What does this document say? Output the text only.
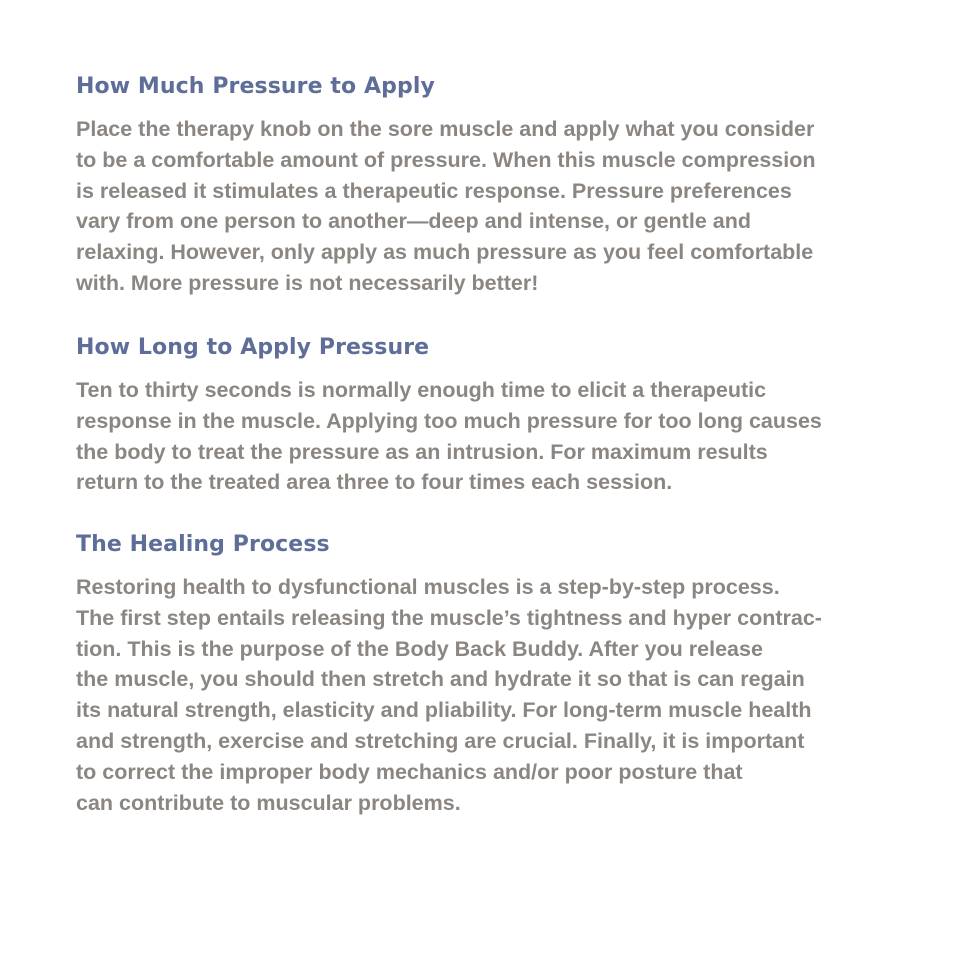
How Much Pressure to Apply

Place the therapy knob on the sore muscle and apply what you consider
to be a comfortable amount of pressure. When this muscle compression
is released it stimulates a therapeutic response. Pressure preferences
vary from one person to another—deep and intense, or gentle and
relaxing. However, only apply as much pressure as you feel comfortable
with. More pressure is not necessarily better!

How Long to Apply Pressure

Ten to thirty seconds is normally enough time to elicit a therapeutic
response in the muscle. Applying too much pressure for too long causes
the body to treat the pressure as an intrusion. For maximum results
return to the treated area three to four times each session.

The Healing Process

Restoring health to dysfunctional muscles is a step-by-step process.
The first step entails releasing the muscle’s tightness and hyper contrac-
tion. This is the purpose of the Body Back Buddy. After you release
the muscle, you should then stretch and hydrate it so that is can regain
its natural strength, elasticity and pliability. For long-term muscle health
and strength, exercise and stretching are crucial. Finally, it is important
to correct the improper body mechanics and/or poor posture that
can contribute to muscular problems.
